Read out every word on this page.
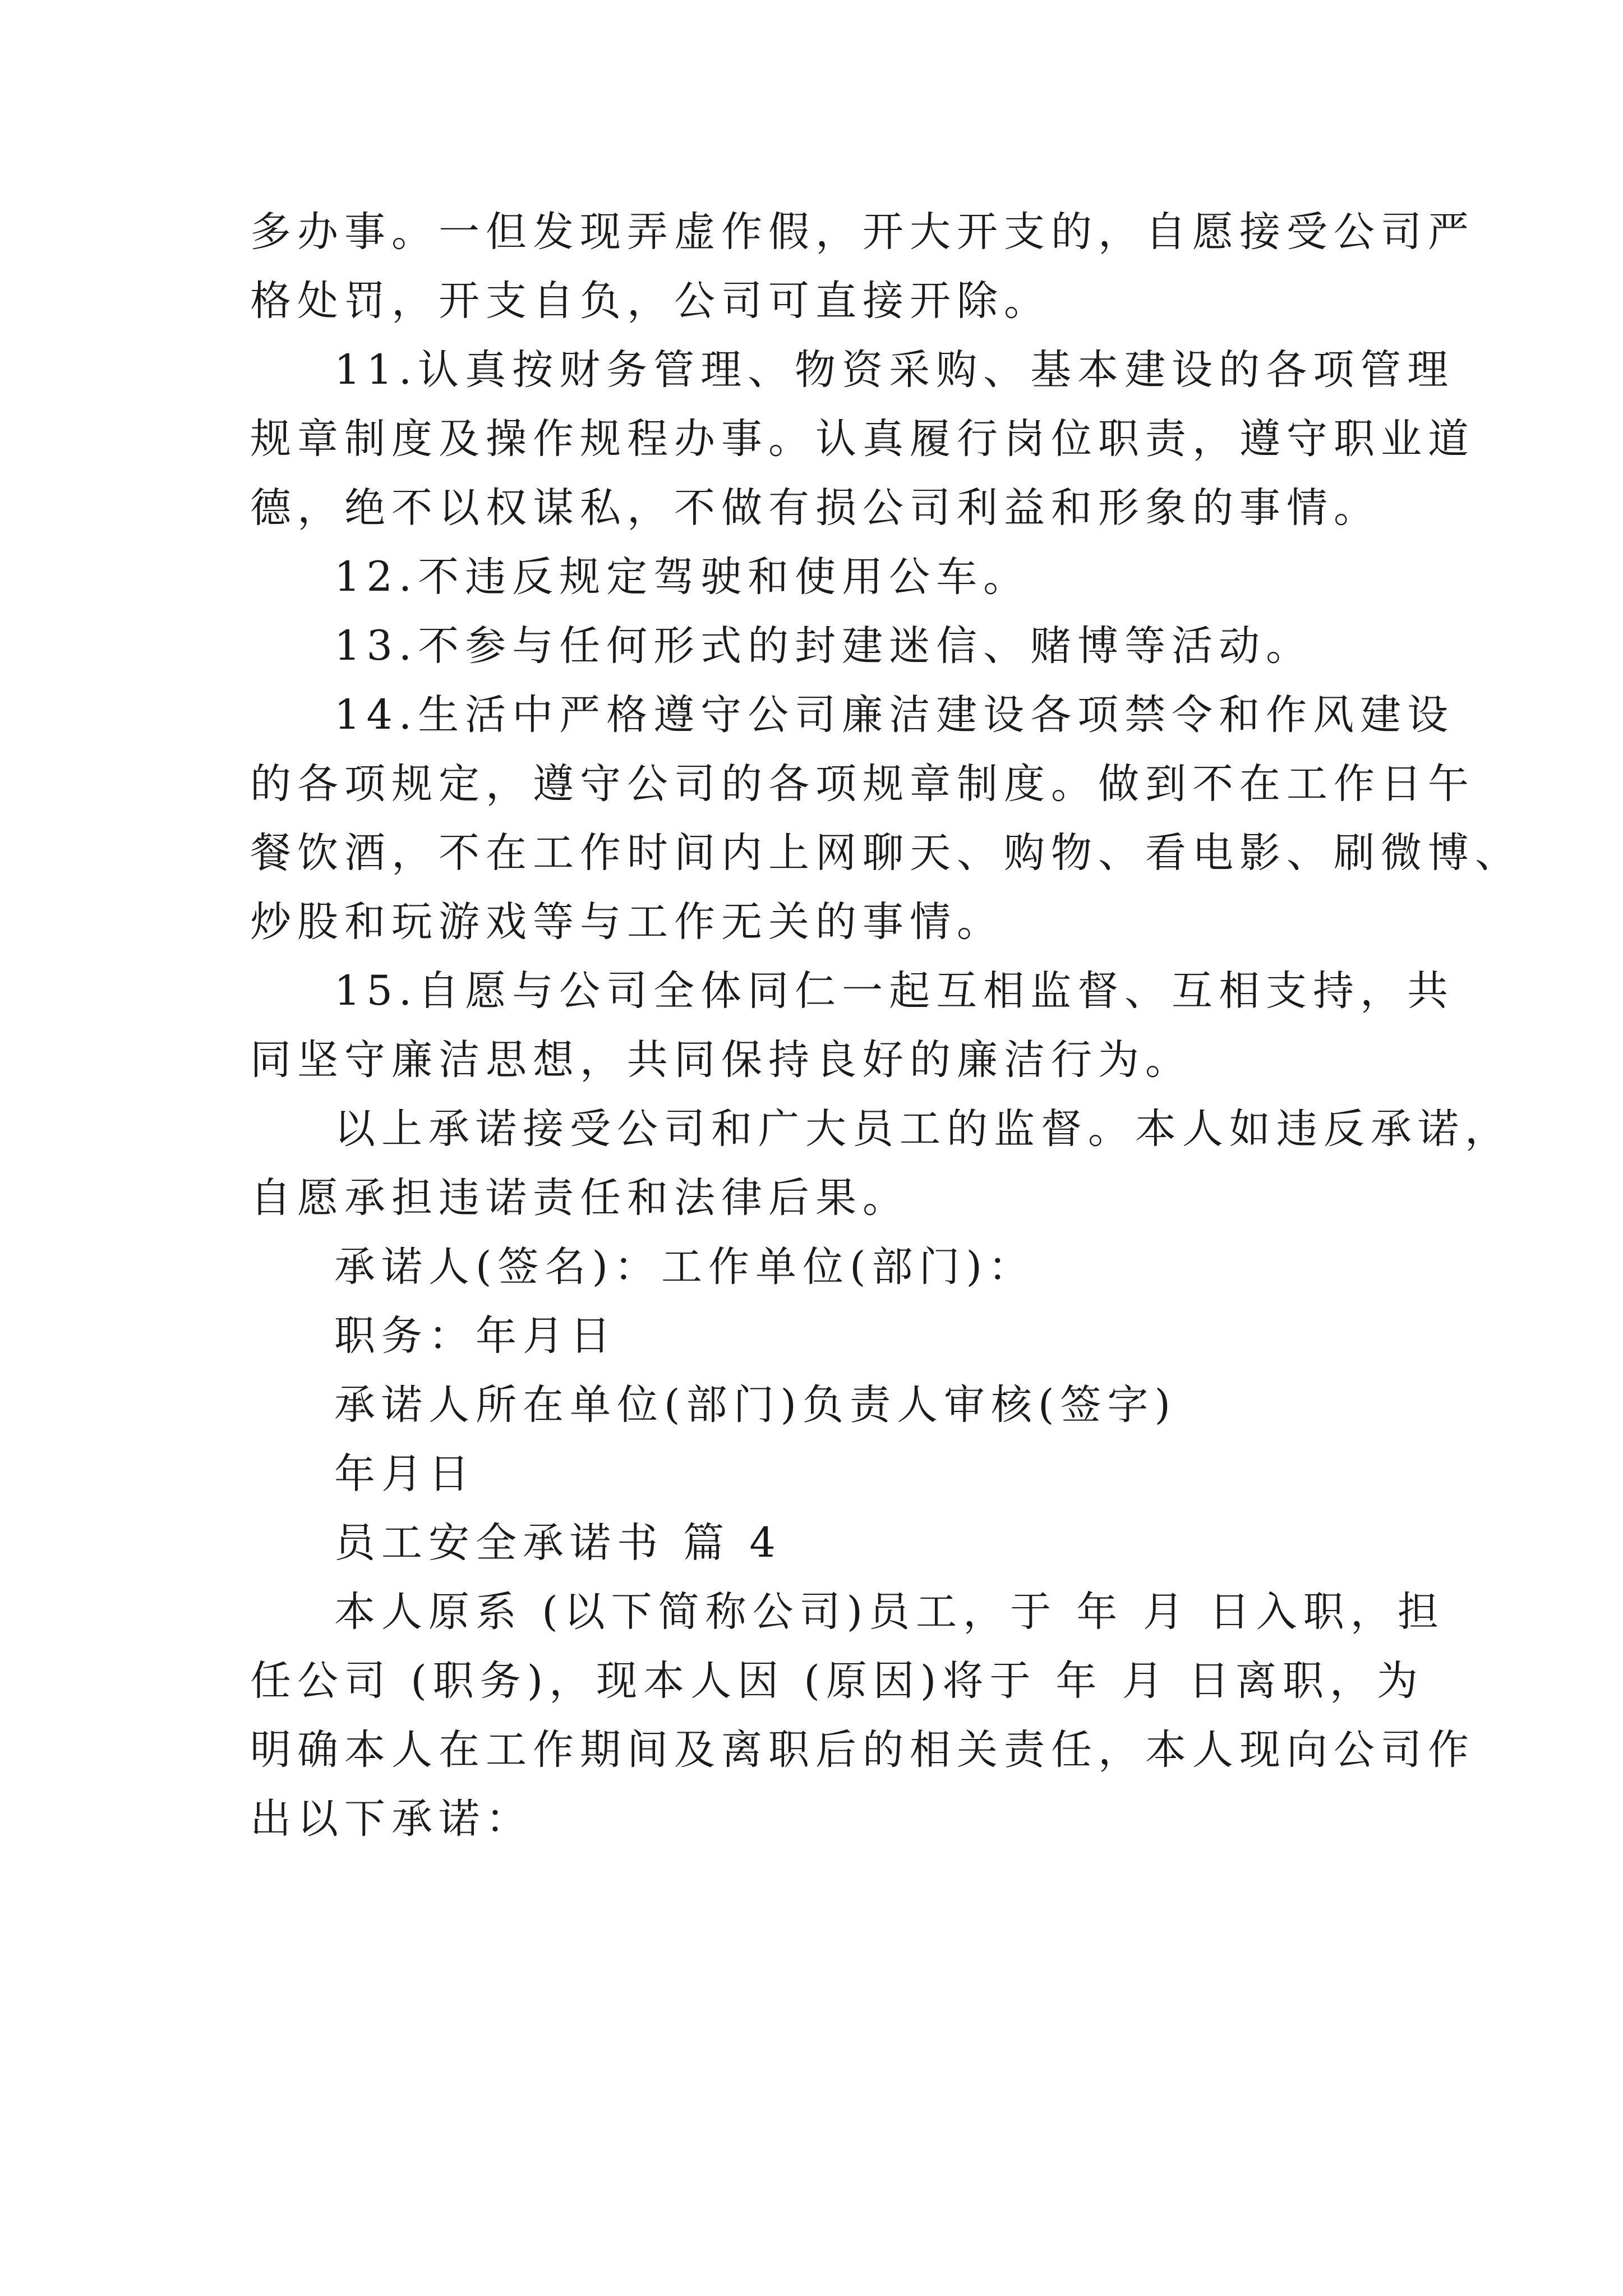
多办事。一但发现弄虚作假，开大开支的，自愿接受公司严
格处罚，开支自负，公司可直接开除。
11.认真按财务管理、物资采购、基本建设的各项管理
规章制度及操作规程办事。认真履行岗位职责，遵守职业道
德，绝不以权谋私，不做有损公司利益和形象的事情。
12.不违反规定驾驶和使用公车。
13.不参与任何形式的封建迷信、赌博等活动。
14.生活中严格遵守公司廉洁建设各项禁令和作风建设
的各项规定，遵守公司的各项规章制度。做到不在工作日午
餐饮酒，不在工作时间内上网聊天、购物、看电影、刷微博、
炒股和玩游戏等与工作无关的事情。
15.自愿与公司全体同仁一起互相监督、互相支持，共
同坚守廉洁思想，共同保持良好的廉洁行为。
以上承诺接受公司和广大员工的监督。本人如违反承诺，
自愿承担违诺责任和法律后果。
承诺人(签名)：工作单位(部门)：
职务：年月日
承诺人所在单位(部门)负责人审核(签字)
年月日
员工安全承诺书 篇 4
本人原系 (以下简称公司)员工，于 年 月 日入职，担
任公司 (职务)，现本人因 (原因)将于 年 月 日离职，为
明确本人在工作期间及离职后的相关责任，本人现向公司作
出以下承诺：
